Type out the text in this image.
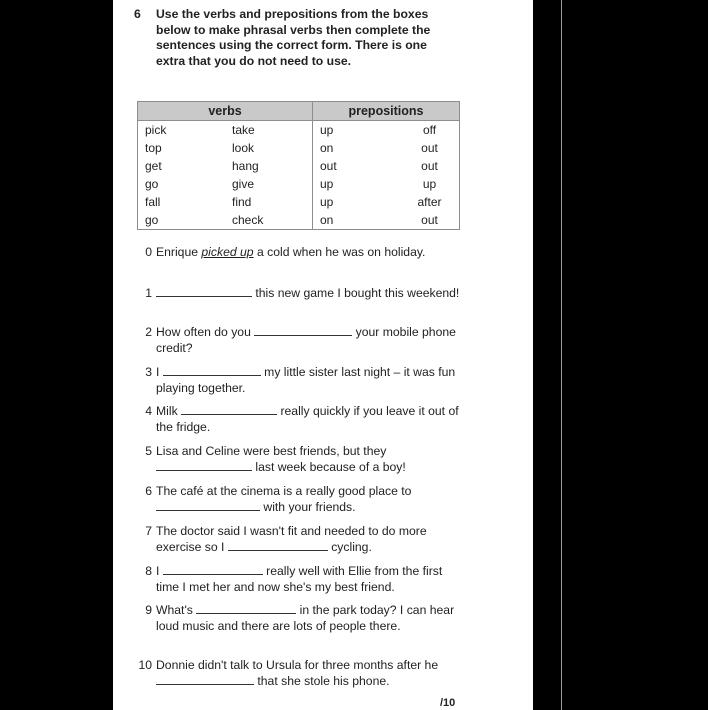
6 Use the verbs and prepositions from the boxes below to make phrasal verbs then complete the sentences using the correct form. There is one extra that you do not need to use.
verbs		prepositions	
pick	take	up	off
top	look	on	out
get	hang	out	out
go	give	up	up
fall	find	up	after
go	check	on	out
0 Enrique picked up a cold when he was on holiday.
1	this new game I bought this weekend!
2 How often do you	your mobile phone credit?
3 I	my little sister last night – it was fun playing together.
4 Milk	really quickly if you leave it out of the fridge.
5 Lisa and Celine were best friends, but they
last week because of a boy!
6 The café at the cinema is a really good place to
with your friends.
7 The doctor said I wasn't fit and needed to do more exercise so I	cycling.
8 I	really well with Ellie from the first time I met her and now she's my best friend.
9 What's	in the park today? I can hear loud music and there are lots of people there.
10 Donnie didn't talk to Ursula for three months after he  that she stole his phone.
/10
